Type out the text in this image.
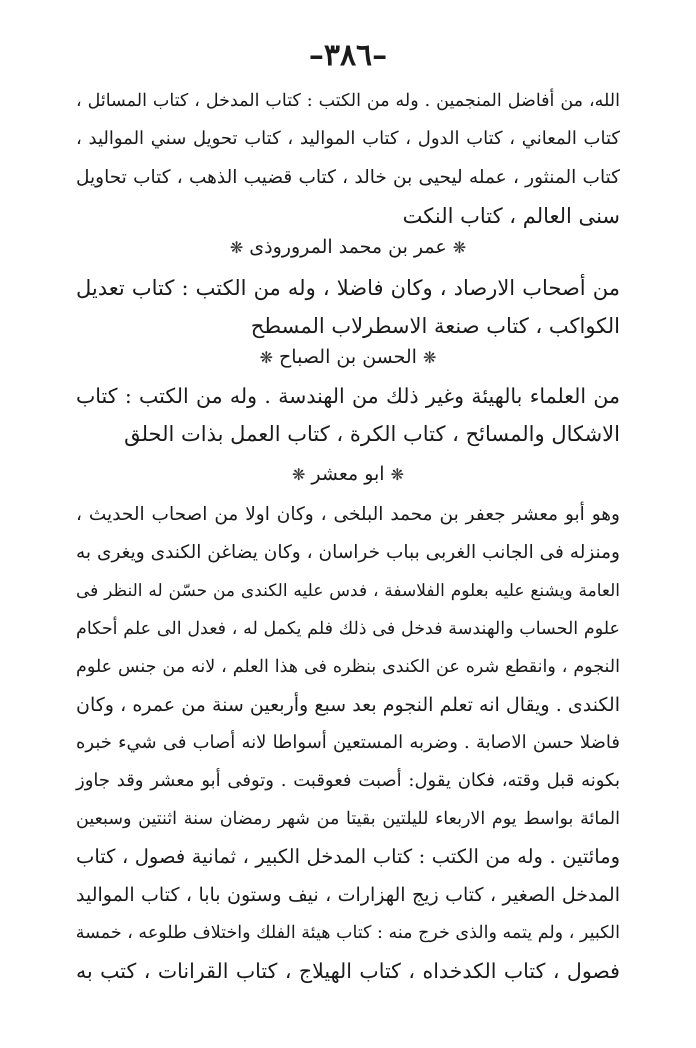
–٣٨٦–
الله، من أفاضل المنجمين . وله من الكتب : كتاب المدخل ، كتاب المسائل ،
كتاب المعاني ، كتاب الدول ، كتاب المواليد ، كتاب تحويل سني المواليد ،
كتاب المنثور ، عمله ليحيى بن خالد ، كتاب قضيب الذهب ، كتاب تحاويل
سنى العالم ، كتاب النكت
❋ عمر بن محمد المروروذى ❋
من أصحاب الارصاد ، وكان فاضلا ، وله من الكتب : كتاب تعديل
الكواكب ، كتاب صنعة الاسطرلاب المسطح
❋ الحسن بن الصباح ❋
من العلماء بالهيئة وغير ذلك من الهندسة . وله من الكتب : كتاب
الاشكال والمسائح ، كتاب الكرة ، كتاب العمل بذات الحلق
❋ ابو معشر ❋
وهو أبو معشر جعفر بن محمد البلخى ، وكان اولا من اصحاب الحديث ،
ومنزله فى الجانب الغربى بباب خراسان ، وكان يضاغن الكندى ويغرى به
العامة ويشنع عليه بعلوم الفلاسفة ، فدس عليه الكندى من حسّن له النظر فى
علوم الحساب والهندسة فدخل فى ذلك فلم يكمل له ، فعدل الى علم أحكام
النجوم ، وانقطع شره عن الكندى بنظره فى هذا العلم ، لانه من جنس علوم
الكندى . ويقال انه تعلم النجوم بعد سبع وأربعين سنة من عمره ، وكان
فاضلا حسن الاصابة . وضربه المستعين أسواطا لانه أصاب فى شيء خبره
بكونه قبل وقته، فكان يقول: أصبت فعوقبت . وتوفى أبو معشر وقد جاوز
المائة بواسط يوم الاربعاء لليلتين بقيتا من شهر رمضان سنة اثنتين وسبعين
ومائتين . وله من الكتب : كتاب المدخل الكبير ، ثمانية فصول ، كتاب
المدخل الصغير ، كتاب زيج الهزارات ، نيف وستون بابا ، كتاب المواليد
الكبير ، ولم يتمه والذى خرج منه : كتاب هيئة الفلك واختلاف طلوعه ، خمسة
فصول ، كتاب الكدخداه ، كتاب الهيلاج ، كتاب القرانات ، كتب به
